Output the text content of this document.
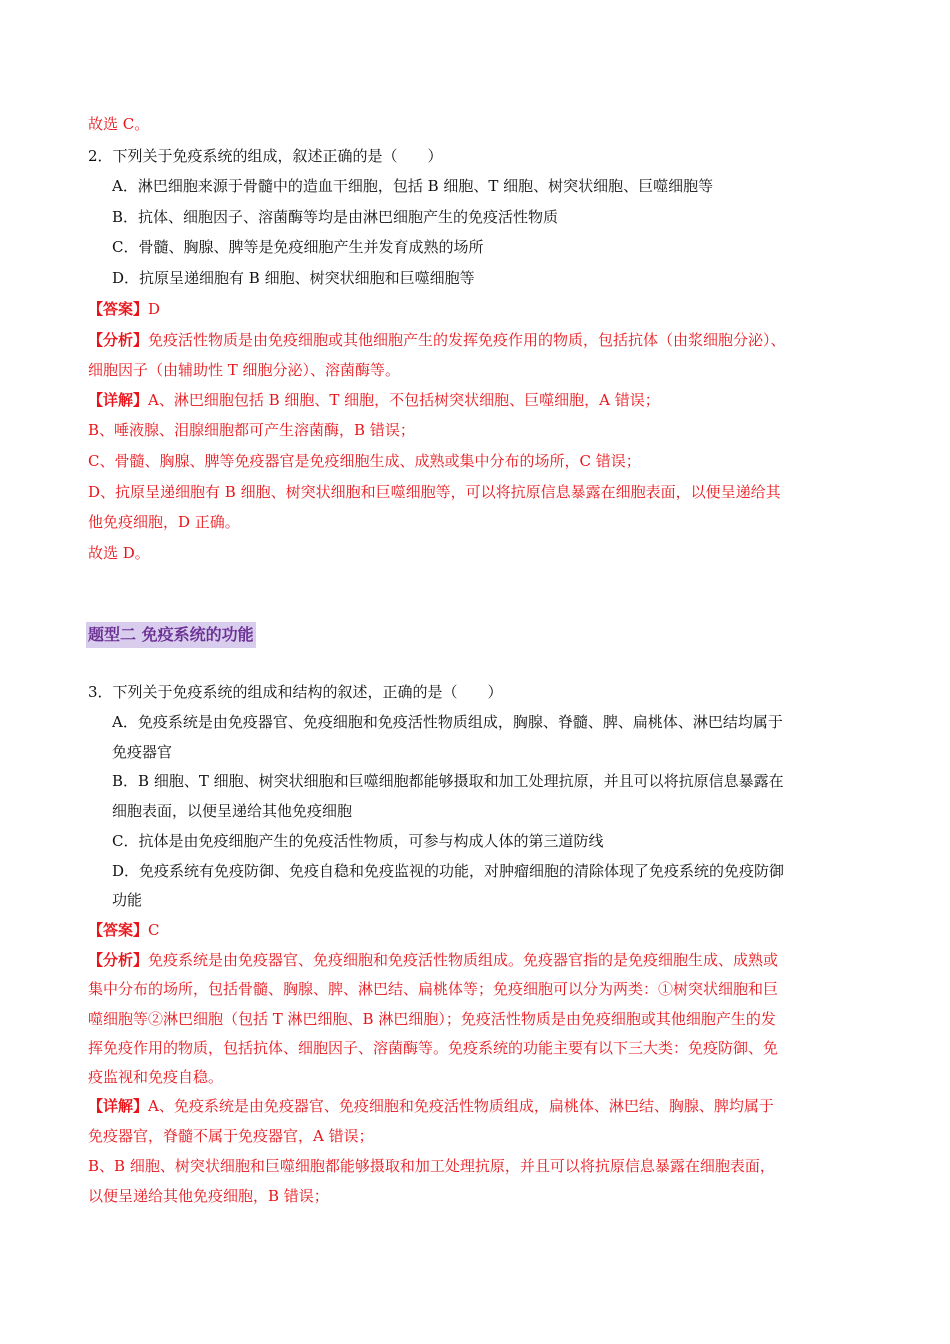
故选 C。
2．下列关于免疫系统的组成，叙述正确的是（　　）
A．淋巴细胞来源于骨髓中的造血干细胞，包括 B 细胞、T 细胞、树突状细胞、巨噬细胞等
B．抗体、细胞因子、溶菌酶等均是由淋巴细胞产生的免疫活性物质
C．骨髓、胸腺、脾等是免疫细胞产生并发育成熟的场所
D．抗原呈递细胞有 B 细胞、树突状细胞和巨噬细胞等
【答案】D
【分析】免疫活性物质是由免疫细胞或其他细胞产生的发挥免疫作用的物质，包括抗体（由浆细胞分泌）、
细胞因子（由辅助性 T 细胞分泌）、溶菌酶等。
【详解】A、淋巴细胞包括 B 细胞、T 细胞，不包括树突状细胞、巨噬细胞，A 错误；
B、唾液腺、泪腺细胞都可产生溶菌酶，B 错误；
C、骨髓、胸腺、脾等免疫器官是免疫细胞生成、成熟或集中分布的场所，C 错误；
D、抗原呈递细胞有 B 细胞、树突状细胞和巨噬细胞等，可以将抗原信息暴露在细胞表面，以便呈递给其
他免疫细胞，D 正确。
故选 D。
题型二 免疫系统的功能
3．下列关于免疫系统的组成和结构的叙述，正确的是（　　）
A．免疫系统是由免疫器官、免疫细胞和免疫活性物质组成，胸腺、脊髓、脾、扁桃体、淋巴结均属于
免疫器官
B．B 细胞、T 细胞、树突状细胞和巨噬细胞都能够摄取和加工处理抗原，并且可以将抗原信息暴露在
细胞表面，以便呈递给其他免疫细胞
C．抗体是由免疫细胞产生的免疫活性物质，可参与构成人体的第三道防线
D．免疫系统有免疫防御、免疫自稳和免疫监视的功能，对肿瘤细胞的清除体现了免疫系统的免疫防御
功能
【答案】C
【分析】免疫系统是由免疫器官、免疫细胞和免疫活性物质组成。免疫器官指的是免疫细胞生成、成熟或
集中分布的场所，包括骨髓、胸腺、脾、淋巴结、扁桃体等；免疫细胞可以分为两类：①树突状细胞和巨
噬细胞等②淋巴细胞（包括 T 淋巴细胞、B 淋巴细胞）；免疫活性物质是由免疫细胞或其他细胞产生的发
挥免疫作用的物质，包括抗体、细胞因子、溶菌酶等。免疫系统的功能主要有以下三大类：免疫防御、免
疫监视和免疫自稳。
【详解】A、免疫系统是由免疫器官、免疫细胞和免疫活性物质组成，扁桃体、淋巴结、胸腺、脾均属于
免疫器官，脊髓不属于免疫器官，A 错误；
B、B 细胞、树突状细胞和巨噬细胞都能够摄取和加工处理抗原，并且可以将抗原信息暴露在细胞表面，
以便呈递给其他免疫细胞，B 错误；
